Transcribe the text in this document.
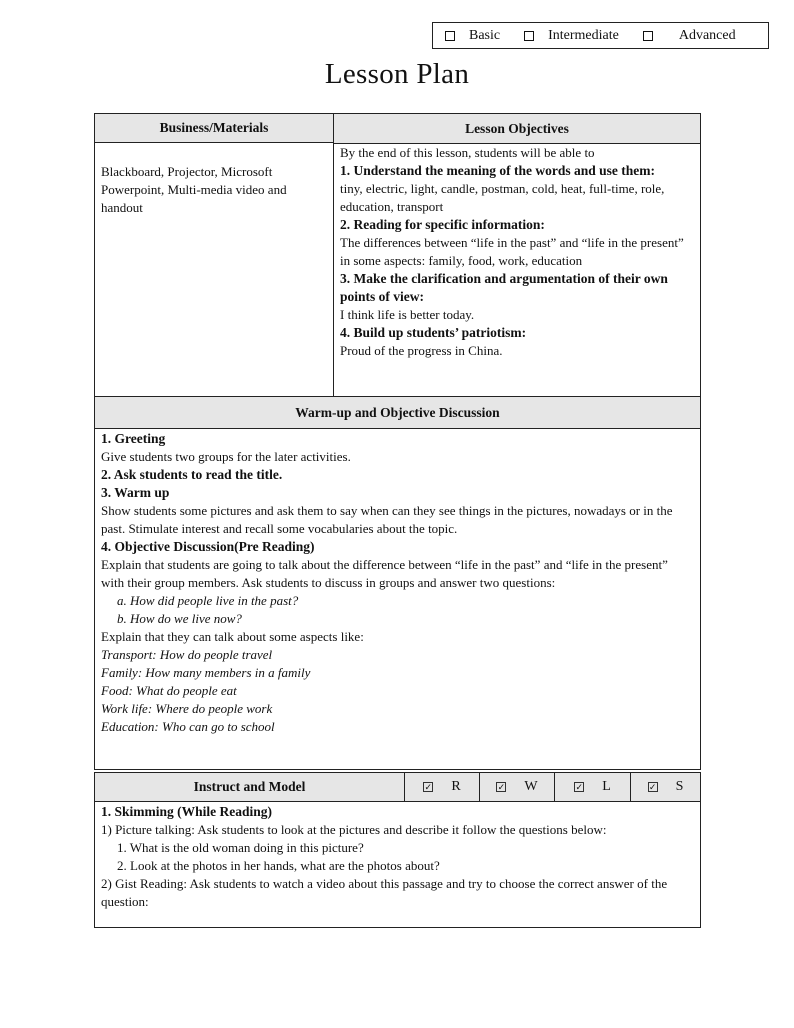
Basic	Intermediate	Advanced
Lesson Plan
Business/Materials	Lesson Objectives
Blackboard, Projector, Microsoft Powerpoint, Multi-media video and handout
By the end of this lesson, students will be able to
1. Understand the meaning of the words and use them:
tiny, electric, light, candle, postman, cold, heat, full-time, role, education, transport
2. Reading for specific information:
The differences between “life in the past” and “life in the present” in some aspects: family, food, work, education
3. Make the clarification and argumentation of their own points of view:
I think life is better today.
4. Build up students’ patriotism:
Proud of the progress in China.
Warm-up and Objective Discussion
1. Greeting
Give students two groups for the later activities.
2. Ask students to read the title.
3. Warm up
Show students some pictures and ask them to say when can they see things in the pictures, nowadays or in the past. Stimulate interest and recall some vocabularies about the topic.
4. Objective Discussion(Pre Reading)
Explain that students are going to talk about the difference between “life in the past” and “life in the present” with their group members. Ask students to discuss in groups and answer two questions:
a. How did people live in the past?
b. How do we live now?
Explain that they can talk about some aspects like:
Transport: How do people travel
Family: How many members in a family
Food: What do people eat
Work life: Where do people work
Education: Who can go to school
Instruct and Model	✓ R	✓ W	✓ L	✓ S
1. Skimming (While Reading)
1) Picture talking: Ask students to look at the pictures and describe it follow the questions below:
1. What is the old woman doing in this picture?
2. Look at the photos in her hands, what are the photos about?
2) Gist Reading: Ask students to watch a video about this passage and try to choose the correct answer of the question:
